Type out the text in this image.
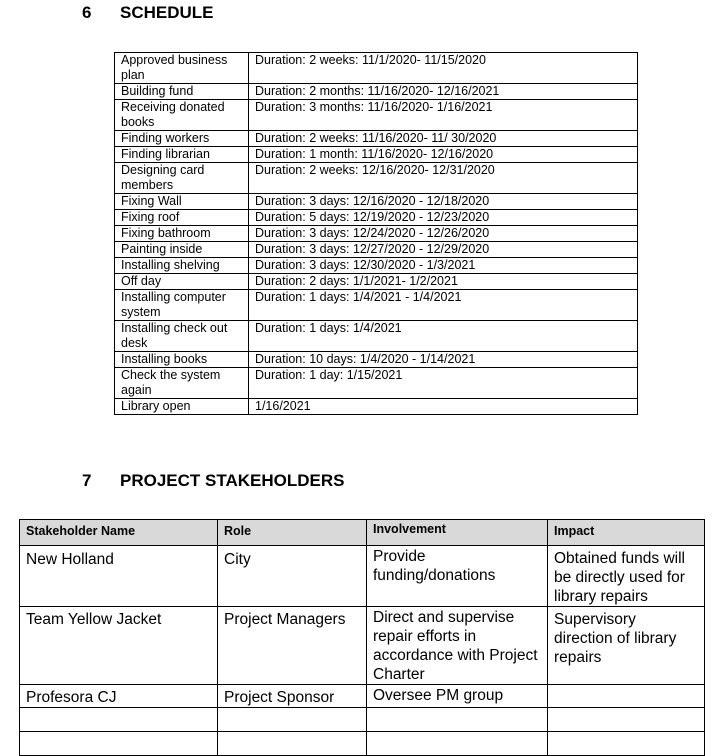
6 SCHEDULE
Approved business plan	Duration: 2 weeks: 11/1/2020- 11/15/2020
Building fund	Duration: 2 months: 11/16/2020- 12/16/2021
Receiving donated books	Duration: 3 months: 11/16/2020- 1/16/2021
Finding workers	Duration: 2 weeks: 11/16/2020- 11/ 30/2020
Finding librarian	Duration: 1 month: 11/16/2020- 12/16/2020
Designing card members	Duration: 2 weeks: 12/16/2020- 12/31/2020
Fixing Wall	Duration: 3 days: 12/16/2020 - 12/18/2020
Fixing roof	Duration: 5 days: 12/19/2020 - 12/23/2020
Fixing bathroom	Duration: 3 days: 12/24/2020 - 12/26/2020
Painting inside	Duration: 3 days: 12/27/2020 - 12/29/2020
Installing shelving	Duration: 3 days: 12/30/2020 - 1/3/2021
Off day	Duration: 2 days: 1/1/2021- 1/2/2021
Installing computer system	Duration: 1 days: 1/4/2021 - 1/4/2021
Installing check out desk	Duration: 1 days: 1/4/2021
Installing books	Duration: 10 days: 1/4/2020 - 1/14/2021
Check the system again	Duration: 1 day: 1/15/2021
Library open	1/16/2021
7 PROJECT STAKEHOLDERS
Stakeholder Name	Role	Involvement	Impact
New Holland	City	Provide funding/donations	Obtained funds will be directly used for library repairs
Team Yellow Jacket	Project Managers	Direct and supervise repair efforts in accordance with Project Charter	Supervisory direction of library repairs
Profesora CJ	Project Sponsor	Oversee PM group	
